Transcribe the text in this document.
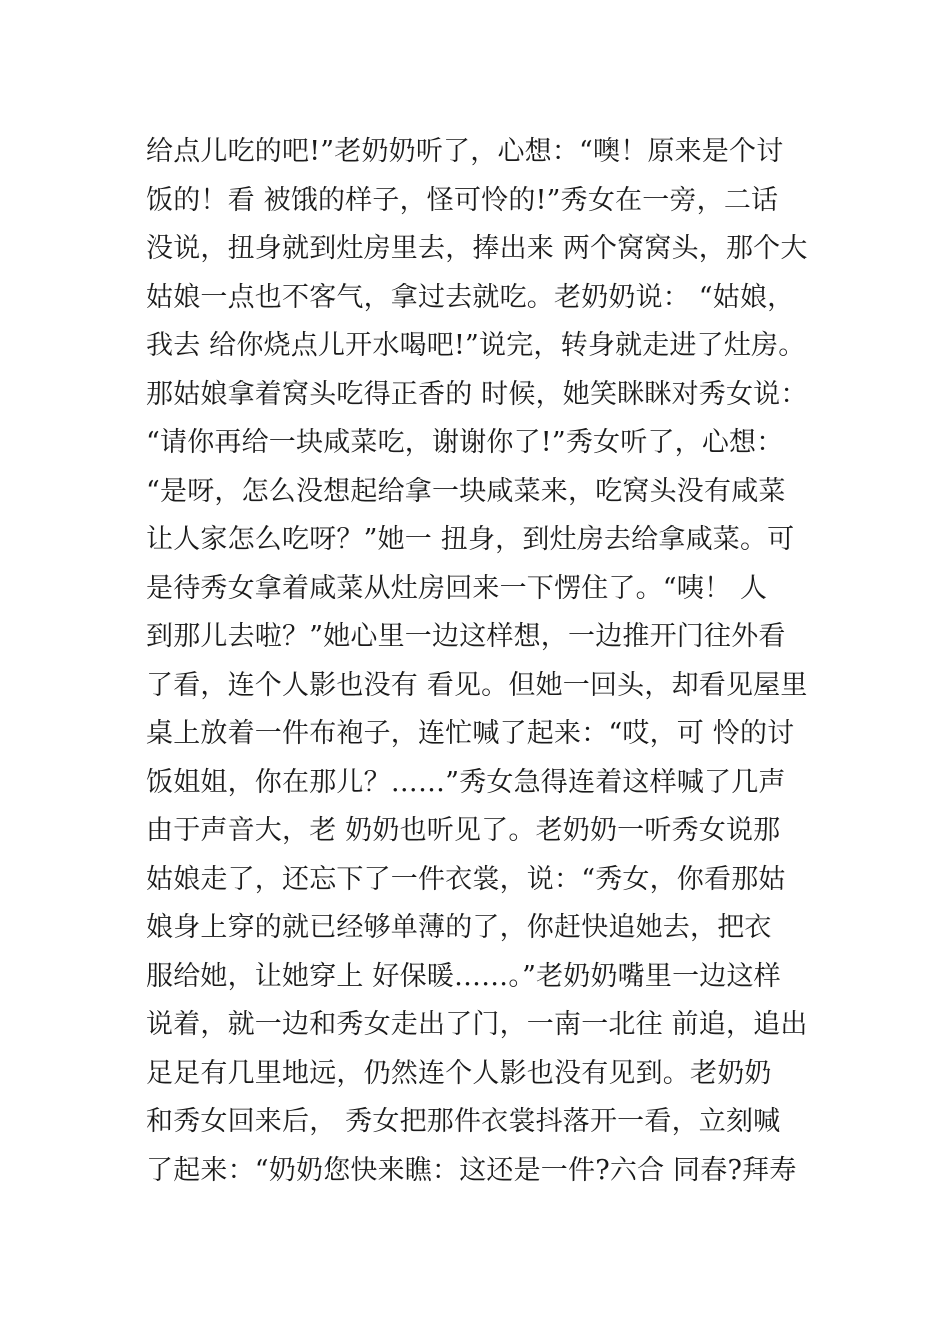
给点儿吃的吧!”老奶奶听了，心想：“噢！原来是个讨
饭的！看 被饿的样子，怪可怜的!”秀女在一旁，二话
没说，扭身就到灶房里去，捧出来 两个窝窝头，那个大
姑娘一点也不客气，拿过去就吃。老奶奶说： “姑娘，
我去 给你烧点儿开水喝吧!”说完，转身就走进了灶房。
那姑娘拿着窝头吃得正香的 时候，她笑眯眯对秀女说：
“请你再给一块咸菜吃，谢谢你了!”秀女听了，心想：
“是呀，怎么没想起给拿一块咸菜来，吃窝头没有咸菜
让人家怎么吃呀？”她一 扭身，到灶房去给拿咸菜。可
是待秀女拿着咸菜从灶房回来一下愣住了。“咦！ 人
到那儿去啦？”她心里一边这样想，一边推开门往外看
了看，连个人影也没有 看见。但她一回头，却看见屋里
桌上放着一件布袍子，连忙喊了起来：“哎，可 怜的讨
饭姐姐，你在那儿？……”秀女急得连着这样喊了几声
由于声音大，老 奶奶也听见了。老奶奶一听秀女说那
姑娘走了，还忘下了一件衣裳，说：“秀女，你看那姑
娘身上穿的就已经够单薄的了，你赶快追她去，把衣
服给她，让她穿上 好保暖……。”老奶奶嘴里一边这样
说着，就一边和秀女走出了门，一南一北往 前追，追出
足足有几里地远，仍然连个人影也没有见到。老奶奶
和秀女回来后， 秀女把那件衣裳抖落开一看，立刻喊
了起来：“奶奶您快来瞧：这还是一件?六合 同春?拜寿
